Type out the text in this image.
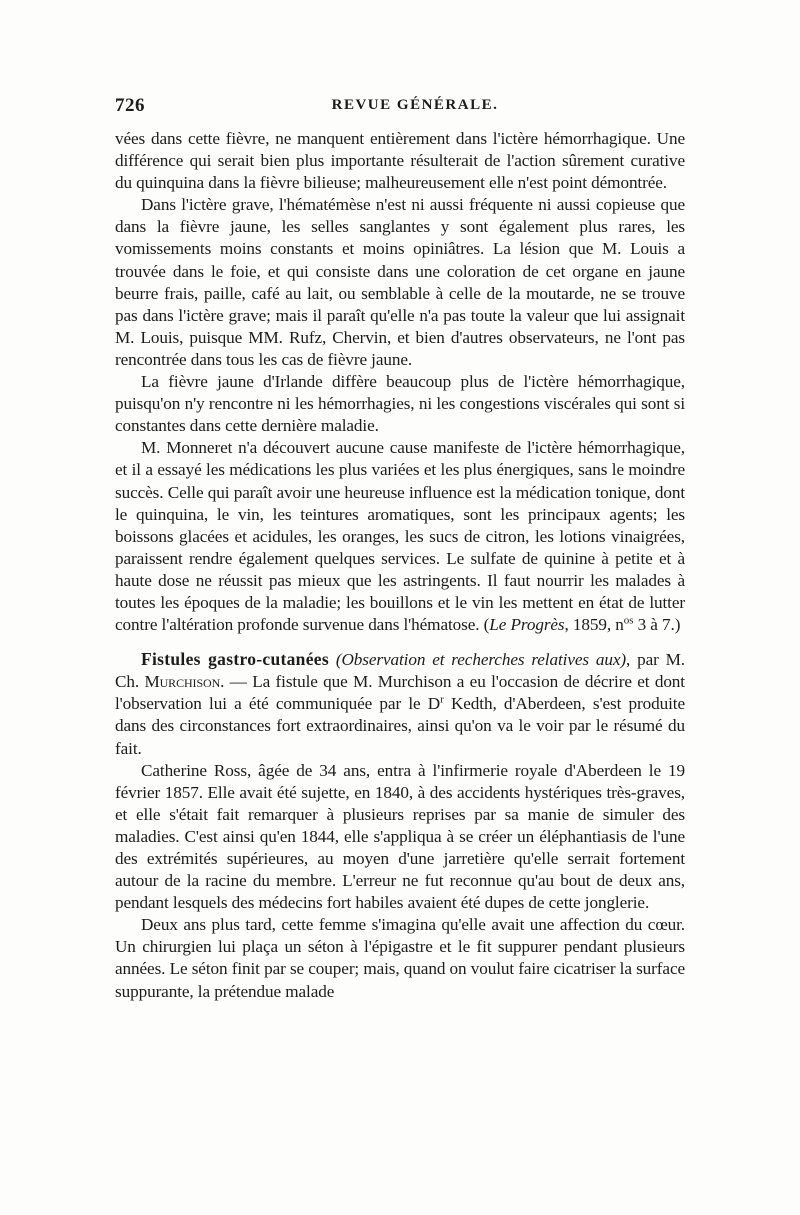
726	REVUE GÉNÉRALE.

vées dans cette fièvre, ne manquent entièrement dans l'ictère hémorrhagique. Une différence qui serait bien plus importante résulterait de l'action sûrement curative du quinquina dans la fièvre bilieuse; malheureusement elle n'est point démontrée.

Dans l'ictère grave, l'hématémèse n'est ni aussi fréquente ni aussi copieuse que dans la fièvre jaune, les selles sanglantes y sont également plus rares, les vomissements moins constants et moins opiniâtres. La lésion que M. Louis a trouvée dans le foie, et qui consiste dans une coloration de cet organe en jaune beurre frais, paille, café au lait, ou semblable à celle de la moutarde, ne se trouve pas dans l'ictère grave; mais il paraît qu'elle n'a pas toute la valeur que lui assignait M. Louis, puisque MM. Rufz, Chervin, et bien d'autres observateurs, ne l'ont pas rencontrée dans tous les cas de fièvre jaune.

La fièvre jaune d'Irlande diffère beaucoup plus de l'ictère hémorrhagique, puisqu'on n'y rencontre ni les hémorrhagies, ni les congestions viscérales qui sont si constantes dans cette dernière maladie.

M. Monneret n'a découvert aucune cause manifeste de l'ictère hémorrhagique, et il a essayé les médications les plus variées et les plus énergiques, sans le moindre succès. Celle qui paraît avoir une heureuse influence est la médication tonique, dont le quinquina, le vin, les teintures aromatiques, sont les principaux agents; les boissons glacées et acidules, les oranges, les sucs de citron, les lotions vinaigrées, paraissent rendre également quelques services. Le sulfate de quinine à petite et à haute dose ne réussit pas mieux que les astringents. Il faut nourrir les malades à toutes les époques de la maladie; les bouillons et le vin les mettent en état de lutter contre l'altération profonde survenue dans l'hématose. (Le Progrès, 1859, $n^{os}$ 3 à 7.)

Fistules gastro-cutanées (Observation et recherches relatives aux), par M. Ch. Murchison. — La fistule que M. Murchison a eu l'occasion de décrire et dont l'observation lui a été communiquée par le $D^r$ Kedth, d'Aberdeen, s'est produite dans des circonstances fort extraordinaires, ainsi qu'on va le voir par le résumé du fait.

Catherine Ross, âgée de 34 ans, entra à l'infirmerie royale d'Aberdeen le 19 février 1857. Elle avait été sujette, en 1840, à des accidents hystériques très-graves, et elle s'était fait remarquer à plusieurs reprises par sa manie de simuler des maladies. C'est ainsi qu'en 1844, elle s'appliqua à se créer un éléphantiasis de l'une des extrémités supérieures, au moyen d'une jarretière qu'elle serrait fortement autour de la racine du membre. L'erreur ne fut reconnue qu'au bout de deux ans, pendant lesquels des médecins fort habiles avaient été dupes de cette jonglerie.

Deux ans plus tard, cette femme s'imagina qu'elle avait une affection du cœur. Un chirurgien lui plaça un séton à l'épigastre et le fit suppurer pendant plusieurs années. Le séton finit par se couper; mais, quand on voulut faire cicatriser la surface suppurante, la prétendue malade
